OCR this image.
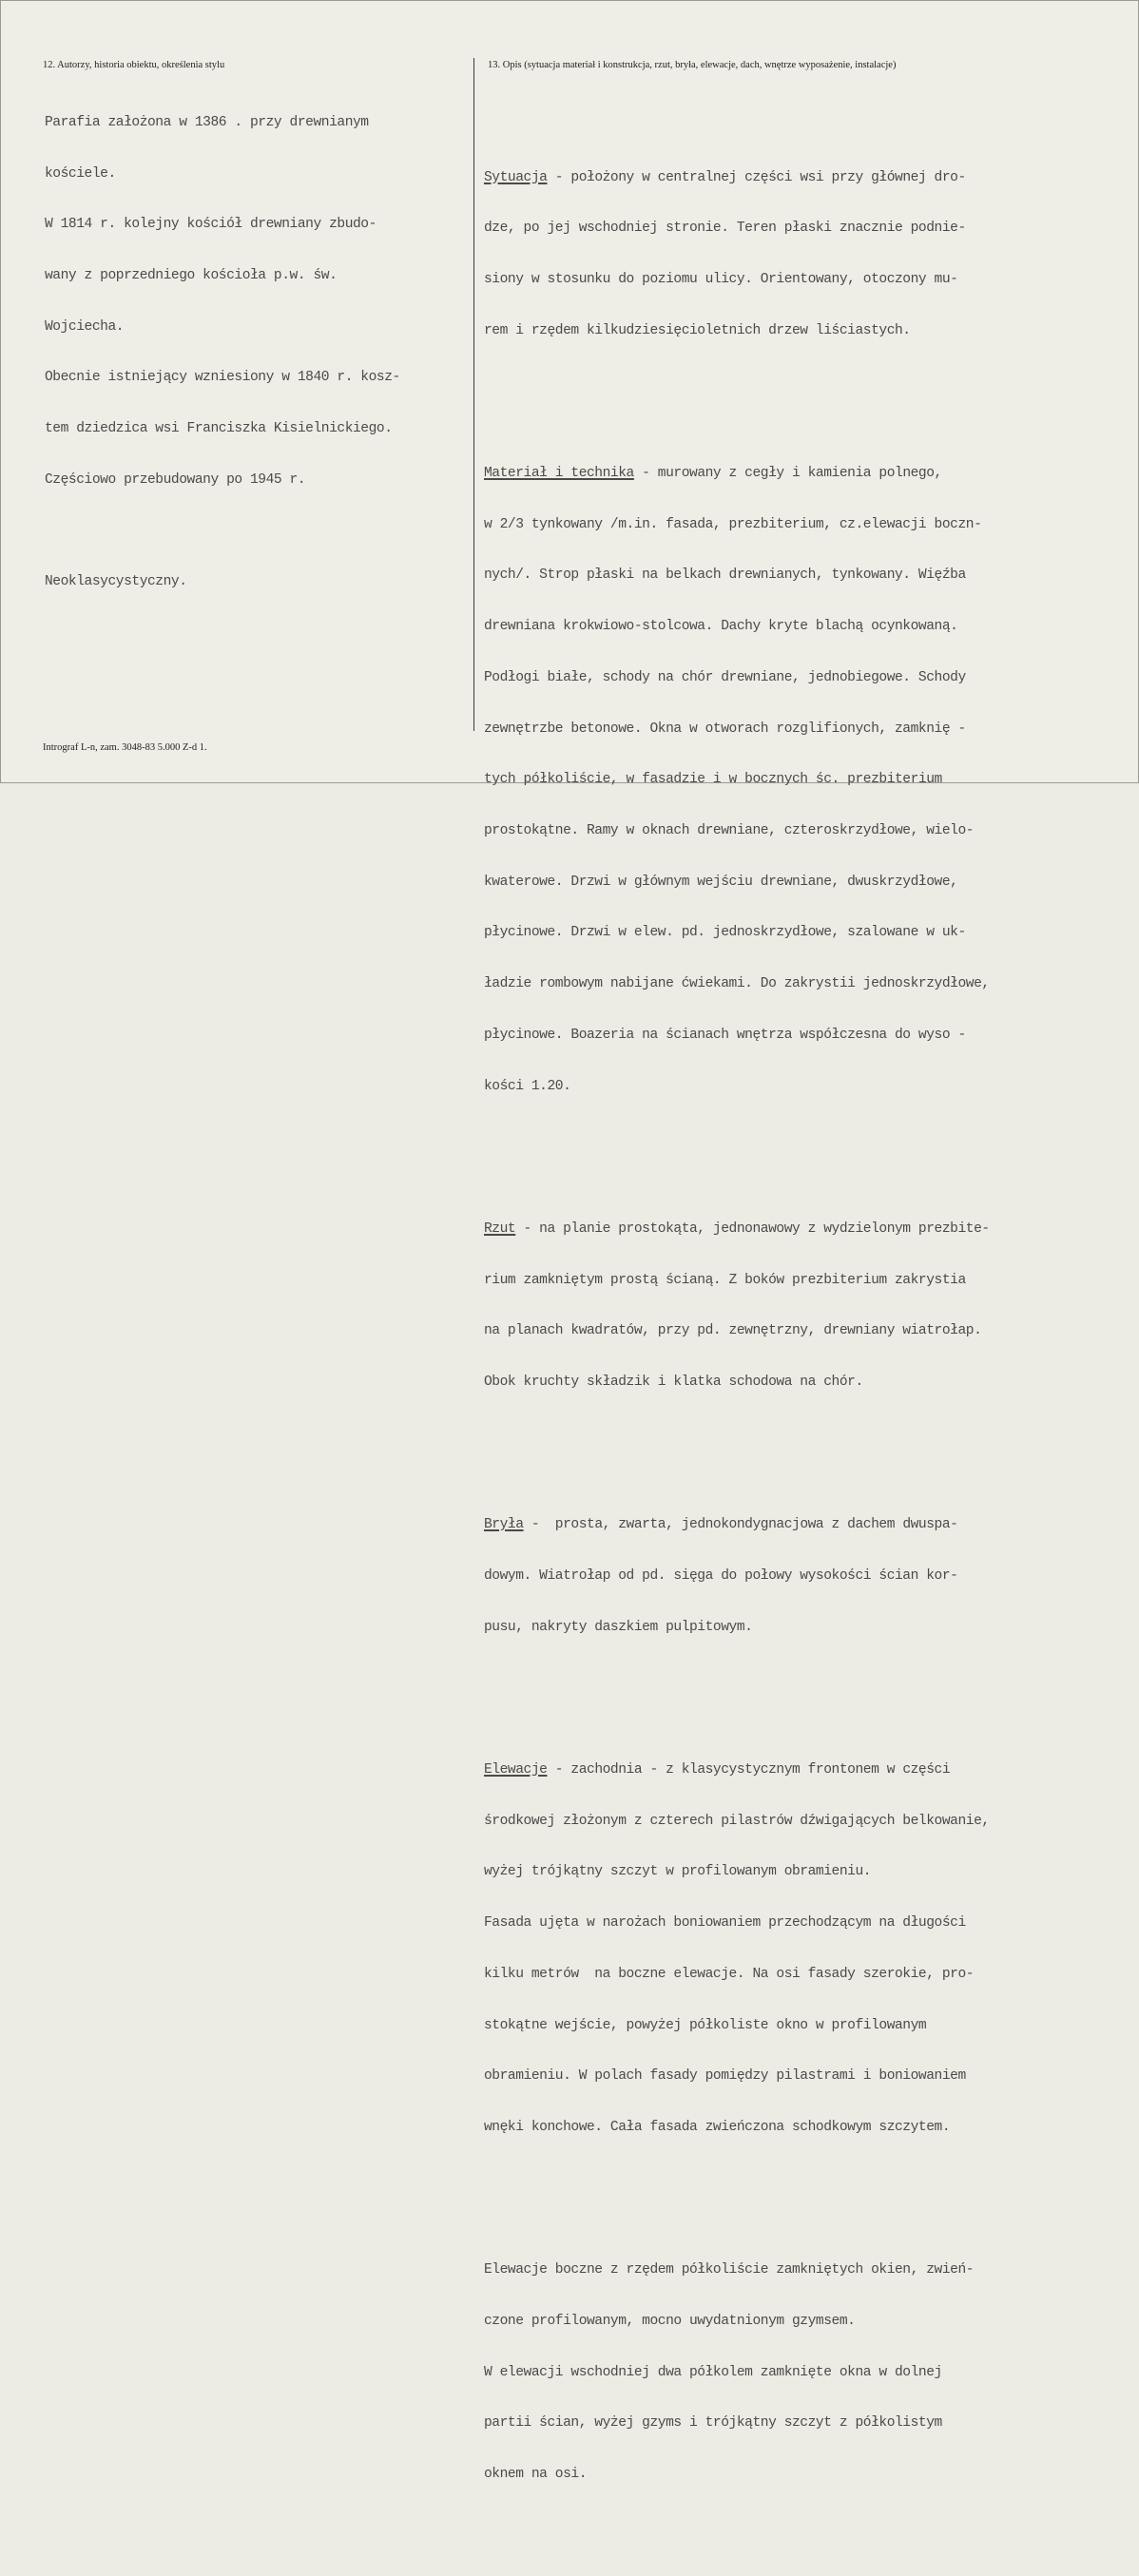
12. Autorzy, historia obiektu, określenia stylu	13. Opis (sytuacja materiał i konstrukcja, rzut, bryła, elewacje, dach, wnętrze wyposażenie, instalacje)

Parafia założona w 1386 . przy drewnianym

kościele.

W 1814 r. kolejny kościół drewniany zbudo-

wany z poprzedniego kościoła p.w. św.

Wojciecha.

Obecnie istniejący wzniesiony w 1840 r. kosz-

tem dziedzica wsi Franciszka Kisielnickiego.

Częściowo przebudowany po 1945 r.

Neoklasycystyczny.

Sytuacja - położony w centralnej części wsi przy głównej dro-

dze, po jej wschodniej stronie. Teren płaski znacznie podnie-

siony w stosunku do poziomu ulicy. Orientowany, otoczony mu-

rem i rzędem kilkudziesięcioletnich drzew liściastych.

Materiał i technika - murowany z cegły i kamienia polnego,

w 2/3 tynkowany /m.in. fasada, prezbiterium, cz.elewacji boczn-

nych/. Strop płaski na belkach drewnianych, tynkowany. Więźba

drewniana krokwiowo-stolcowa. Dachy kryte blachą ocynkowaną.

Podłogi białe, schody na chór drewniane, jednobiegowe. Schody

zewnętrzbe betonowe. Okna w otworach rozglifionych, zamknię -

tych półkoliście, w fasadzie i w bocznych śc. prezbiterium

prostokątne. Ramy w oknach drewniane, czteroskrzydłowe, wielo-

kwaterowe. Drzwi w głównym wejściu drewniane, dwuskrzydłowe,

płycinowe. Drzwi w elew. pd. jednoskrzydłowe, szalowane w uk-

ładzie rombowym nabijane ćwiekami. Do zakrystii jednoskrzydłowe,

płycinowe. Boazeria na ścianach wnętrza współczesna do wyso -

kości 1.20.

Rzut - na planie prostokąta, jednonawowy z wydzielonym prezbite-

rium zamkniętym prostą ścianą. Z boków prezbiterium zakrystia

na planach kwadratów, przy pd. zewnętrzny, drewniany wiatrołap.

Obok kruchty składzik i klatka schodowa na chór.

Bryła -  prosta, zwarta, jednokondygnacjowa z dachem dwuspa-

dowym. Wiatrołap od pd. sięga do połowy wysokości ścian kor-

pusu, nakryty daszkiem pulpitowym.

Elewacje - zachodnia - z klasycystycznym frontonem w części

środkowej złożonym z czterech pilastrów dźwigających belkowanie,

wyżej trójkątny szczyt w profilowanym obramieniu.

Fasada ujęta w narożach boniowaniem przechodzącym na długości

kilku metrów  na boczne elewacje. Na osi fasady szerokie, pro-

stokątne wejście, powyżej półkoliste okno w profilowanym

obramieniu. W polach fasady pomiędzy pilastrami i boniowaniem

wnęki konchowe. Cała fasada zwieńczona schodkowym szczytem.

Elewacje boczne z rzędem półkoliście zamkniętych okien, zwień-

czone profilowanym, mocno uwydatnionym gzymsem.

W elewacji wschodniej dwa półkolem zamknięte okna w dolnej

partii ścian, wyżej gzyms i trójkątny szczyt z półkolistym

oknem na osi.

Intrograf L-n, zam. 3048-83 5.000 Z-d 1.
